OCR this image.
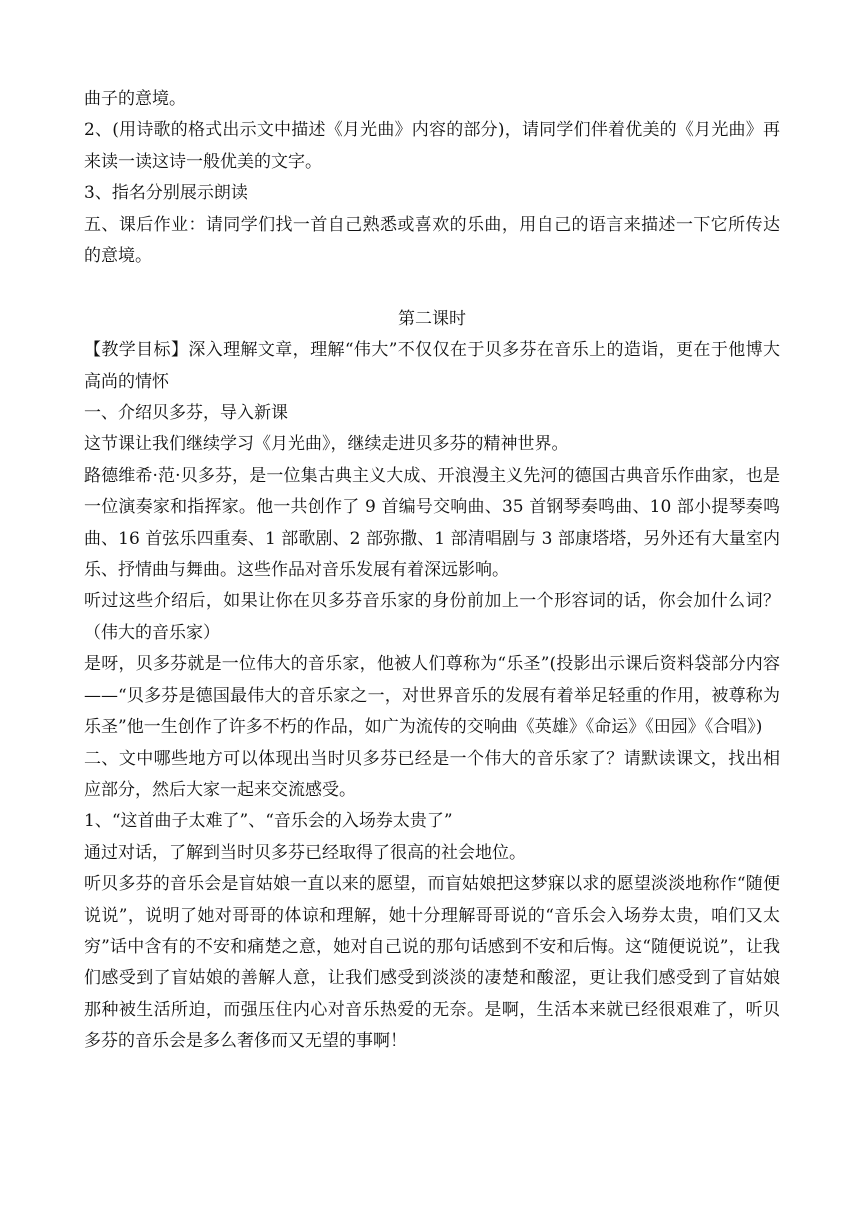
曲子的意境。

2、(用诗歌的格式出示文中描述《月光曲》内容的部分)，请同学们伴着优美的《月光曲》再来读一读这诗一般优美的文字。

3、指名分别展示朗读

五、课后作业：请同学们找一首自己熟悉或喜欢的乐曲，用自己的语言来描述一下它所传达的意境。

第二课时

【教学目标】深入理解文章，理解“伟大”不仅仅在于贝多芬在音乐上的造诣，更在于他博大高尚的情怀

一、介绍贝多芬，导入新课

这节课让我们继续学习《月光曲》，继续走进贝多芬的精神世界。

路德维希·范·贝多芬，是一位集古典主义大成、开浪漫主义先河的德国古典音乐作曲家，也是一位演奏家和指挥家。他一共创作了 9 首编号交响曲、35 首钢琴奏鸣曲、10 部小提琴奏鸣曲、16 首弦乐四重奏、1 部歌剧、2 部弥撒、1 部清唱剧与 3 部康塔塔，另外还有大量室内乐、抒情曲与舞曲。这些作品对音乐发展有着深远影响。

听过这些介绍后，如果让你在贝多芬音乐家的身份前加上一个形容词的话，你会加什么词？（伟大的音乐家）

是呀，贝多芬就是一位伟大的音乐家，他被人们尊称为“乐圣”(投影出示课后资料袋部分内容——“贝多芬是德国最伟大的音乐家之一，对世界音乐的发展有着举足轻重的作用，被尊称为乐圣”他一生创作了许多不朽的作品，如广为流传的交响曲《英雄》《命运》《田园》《合唱》)

二、文中哪些地方可以体现出当时贝多芬已经是一个伟大的音乐家了？请默读课文，找出相应部分，然后大家一起来交流感受。

1、“这首曲子太难了”、“音乐会的入场券太贵了”

通过对话，了解到当时贝多芬已经取得了很高的社会地位。

听贝多芬的音乐会是盲姑娘一直以来的愿望，而盲姑娘把这梦寐以求的愿望淡淡地称作“随便说说”，说明了她对哥哥的体谅和理解，她十分理解哥哥说的“音乐会入场券太贵，咱们又太穷”话中含有的不安和痛楚之意，她对自己说的那句话感到不安和后悔。这“随便说说”，让我们感受到了盲姑娘的善解人意，让我们感受到淡淡的凄楚和酸涩，更让我们感受到了盲姑娘那种被生活所迫，而强压住内心对音乐热爱的无奈。是啊，生活本来就已经很艰难了，听贝多芬的音乐会是多么奢侈而又无望的事啊！
